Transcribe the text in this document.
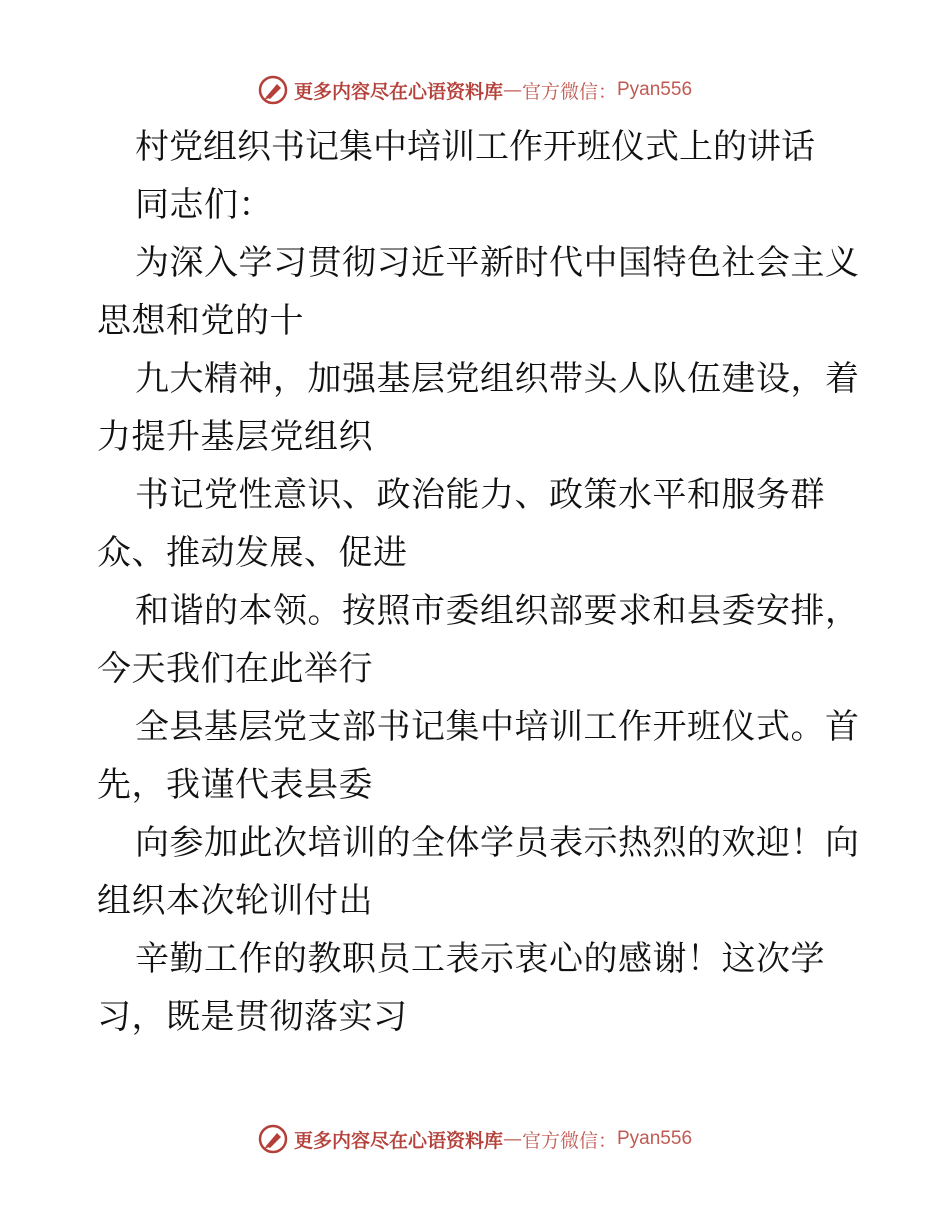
更多内容尽在心语资料库 — 官方微信： Pyan556
村党组织书记集中培训工作开班仪式上的讲话
同志们：
为深入学习贯彻习近平新时代中国特色社会主义
思想和党的十
九大精神，加强基层党组织带头人队伍建设，着
力提升基层党组织
书记党性意识、政治能力、政策水平和服务群
众、推动发展、促进
和谐的本领。按照市委组织部要求和县委安排，
今天我们在此举行
全县基层党支部书记集中培训工作开班仪式。首
先，我谨代表县委
向参加此次培训的全体学员表示热烈的欢迎！向
组织本次轮训付出
辛勤工作的教职员工表示衷心的感谢！这次学
习，既是贯彻落实习
更多内容尽在心语资料库 — 官方微信： Pyan556
